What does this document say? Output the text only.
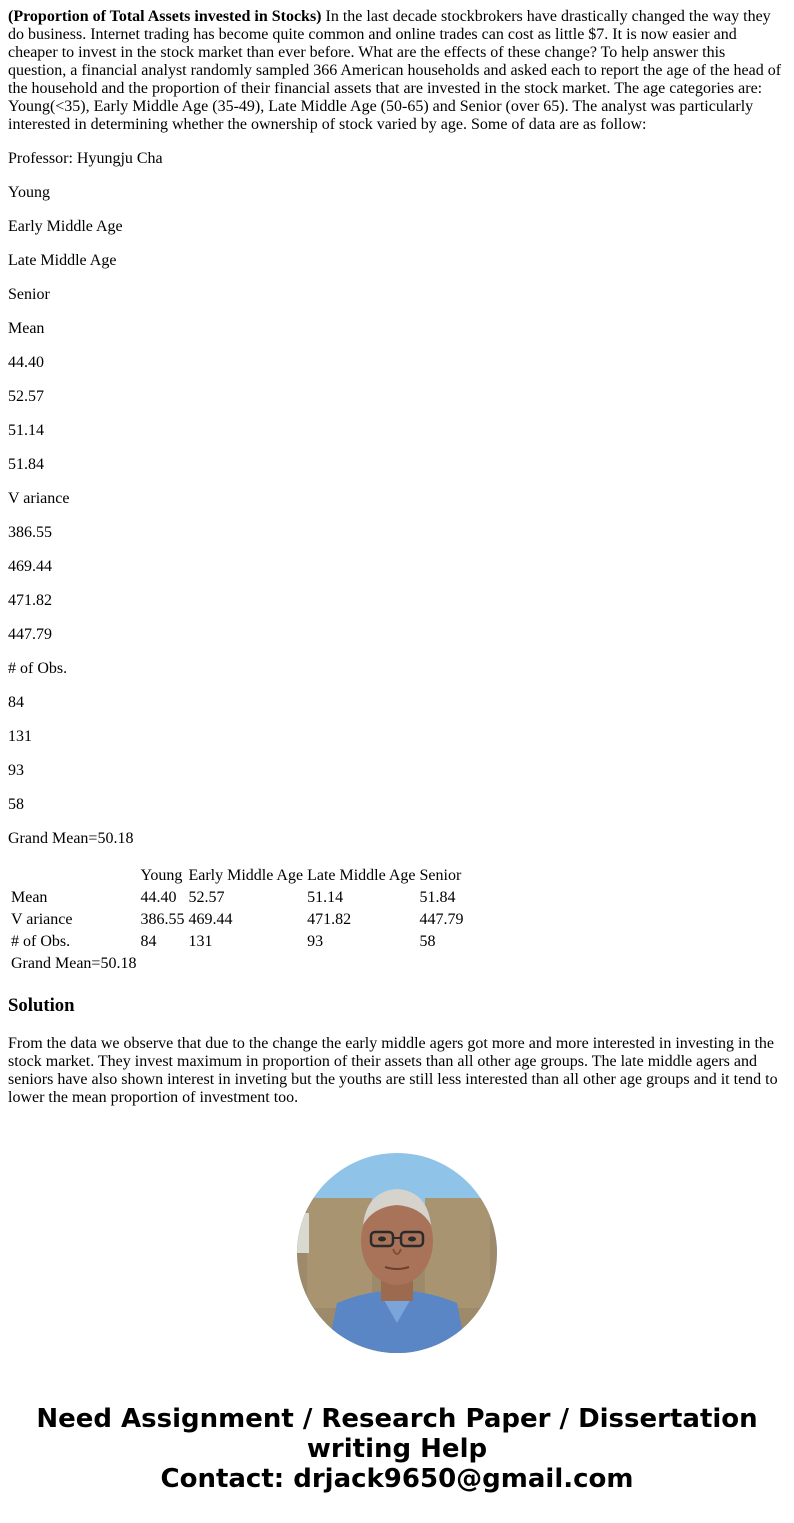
(Proportion of Total Assets invested in Stocks) In the last decade stockbrokers have drastically changed the way they do business. Internet trading has become quite common and online trades can cost as little $7. It is now easier and cheaper to invest in the stock market than ever before. What are the effects of these change? To help answer this question, a financial analyst randomly sampled 366 American households and asked each to report the age of the head of the household and the proportion of their financial assets that are invested in the stock market. The age categories are: Young(<35), Early Middle Age (35-49), Late Middle Age (50-65) and Senior (over 65). The analyst was particularly interested in determining whether the ownership of stock varied by age. Some of data are as follow:

Professor: Hyungju Cha

Young

Early Middle Age

Late Middle Age

Senior

Mean

44.40

52.57

51.14

51.84

V ariance

386.55

469.44

471.82

447.79

# of Obs.

84

131

93

58

Grand Mean=50.18

	Young	Early Middle Age	Late Middle Age	Senior
Mean	44.40	52.57	51.14	51.84
V ariance	386.55	469.44	471.82	447.79
# of Obs.	84	131	93	58
Grand Mean=50.18				
Solution

From the data we observe that due to the change the early middle agers got more and more interested in investing in the stock market. They invest maximum in proportion of their assets than all other age groups. The late middle agers and seniors have also shown interest in inveting but the youths are still less interested than all other age groups and it tend to lower the mean proportion of investment too.

Need Assignment / Research Paper / Dissertation
writing Help
Contact: drjack9650@gmail.com
